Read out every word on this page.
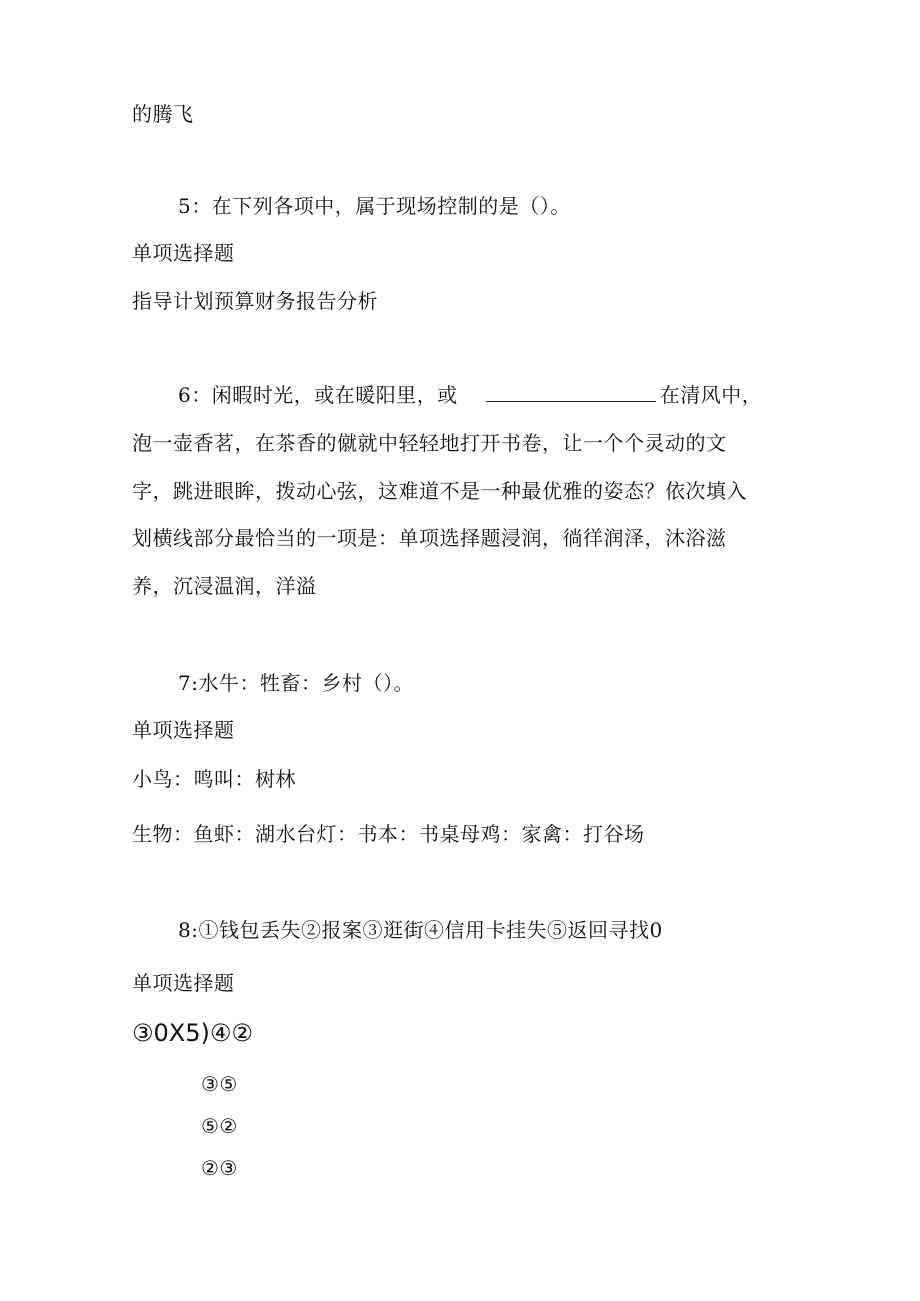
的腾飞
5：在下列各项中，属于现场控制的是（）。
单项选择题
指导计划预算财务报告分析
6：闲暇时光，或在暖阳里，或	在清风中，
泡一壶香茗，在茶香的僦就中轻轻地打开书卷，让一个个灵动的文
字，跳进眼眸，拨动心弦，这难道不是一种最优雅的姿态？依次填入
划横线部分最恰当的一项是：单项选择题浸润，徜徉润泽，沐浴滋
养，沉浸温润，洋溢
7:水牛：牲畜：乡村（）。
单项选择题
小鸟：鸣叫：树林
生物：鱼虾：湖水台灯：书本：书桌母鸡：家禽：打谷场
8:①钱包丢失②报案③逛街④信用卡挂失⑤返回寻找0
单项选择题
③0X5)④②
③⑤
⑤②
②③
